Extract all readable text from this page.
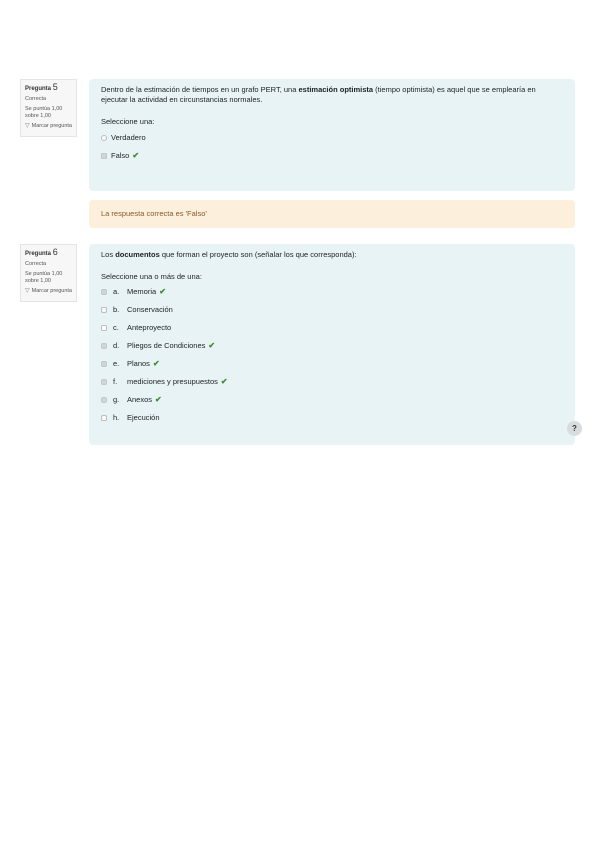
Pregunta 5
Correcta
Se puntúa 1,00 sobre 1,00
▽ Marcar pregunta

Dentro de la estimación de tiempos en un grafo PERT, una estimación optimista (tiempo optimista) es aquel que se emplearía en
ejecutar la actividad en circunstancias normales.

Seleccione una:

Verdadero
Falso ✔
La respuesta correcta es 'Falso'
Pregunta 6
Correcta
Se puntúa 1,00 sobre 1,00
▽ Marcar pregunta

Los documentos que forman el proyecto son (señalar los que corresponda):

Seleccione una o más de una:

a.	Memoria ✔
b.	Conservación
c.	Anteproyecto
d.	Pliegos de Condiciones ✔
e.	Planos ✔
f.	mediciones y presupuestos ✔
g.	Anexos ✔
h.	Ejecución
?
